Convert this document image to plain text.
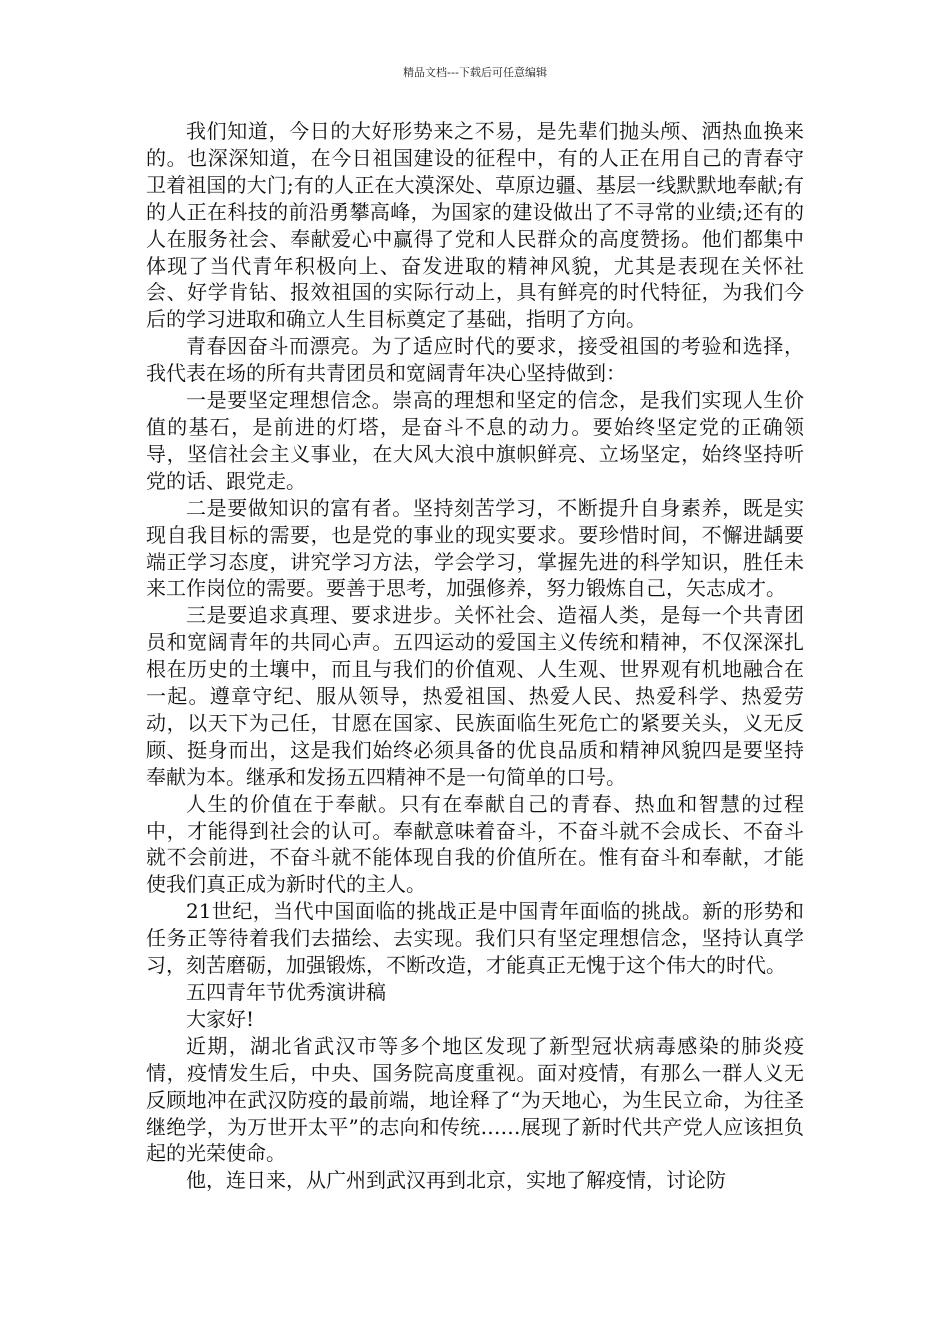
精品文档---下载后可任意编辑

我们知道，今日的大好形势来之不易，是先辈们抛头颅、洒热血换来的。也深深知道，在今日祖国建设的征程中，有的人正在用自己的青春守卫着祖国的大门;有的人正在大漠深处、草原边疆、基层一线默默地奉献;有的人正在科技的前沿勇攀高峰，为国家的建设做出了不寻常的业绩;还有的人在服务社会、奉献爱心中赢得了党和人民群众的高度赞扬。他们都集中体现了当代青年积极向上、奋发进取的精神风貌，尤其是表现在关怀社会、好学肯钻、报效祖国的实际行动上，具有鲜亮的时代特征，为我们今后的学习进取和确立人生目标奠定了基础，指明了方向。

青春因奋斗而漂亮。为了适应时代的要求，接受祖国的考验和选择，我代表在场的所有共青团员和宽阔青年决心坚持做到：

一是要坚定理想信念。崇高的理想和坚定的信念，是我们实现人生价值的基石，是前进的灯塔，是奋斗不息的动力。要始终坚定党的正确领导，坚信社会主义事业，在大风大浪中旗帜鲜亮、立场坚定，始终坚持听党的话、跟党走。

二是要做知识的富有者。坚持刻苦学习，不断提升自身素养，既是实现自我目标的需要，也是党的事业的现实要求。要珍惜时间，不懈进龋要端正学习态度，讲究学习方法，学会学习，掌握先进的科学知识，胜任未来工作岗位的需要。要善于思考，加强修养，努力锻炼自己，矢志成才。

三是要追求真理、要求进步。关怀社会、造福人类，是每一个共青团员和宽阔青年的共同心声。五四运动的爱国主义传统和精神，不仅深深扎根在历史的土壤中，而且与我们的价值观、人生观、世界观有机地融合在一起。遵章守纪、服从领导，热爱祖国、热爱人民、热爱科学、热爱劳动，以天下为己任，甘愿在国家、民族面临生死危亡的紧要关头，义无反顾、挺身而出，这是我们始终必须具备的优良品质和精神风貌四是要坚持奉献为本。继承和发扬五四精神不是一句简单的口号。

人生的价值在于奉献。只有在奉献自己的青春、热血和智慧的过程中，才能得到社会的认可。奉献意味着奋斗，不奋斗就不会成长、不奋斗就不会前进，不奋斗就不能体现自我的价值所在。惟有奋斗和奉献，才能使我们真正成为新时代的主人。

21世纪，当代中国面临的挑战正是中国青年面临的挑战。新的形势和任务正等待着我们去描绘、去实现。我们只有坚定理想信念，坚持认真学习，刻苦磨砺，加强锻炼，不断改造，才能真正无愧于这个伟大的时代。

五四青年节优秀演讲稿

大家好!

近期，湖北省武汉市等多个地区发现了新型冠状病毒感染的肺炎疫情，疫情发生后，中央、国务院高度重视。面对疫情，有那么一群人义无反顾地冲在武汉防疫的最前端，地诠释了“为天地心，为生民立命，为往圣继绝学，为万世开太平”的志向和传统……展现了新时代共产党人应该担负起的光荣使命。

他，连日来，从广州到武汉再到北京，实地了解疫情，讨论防
